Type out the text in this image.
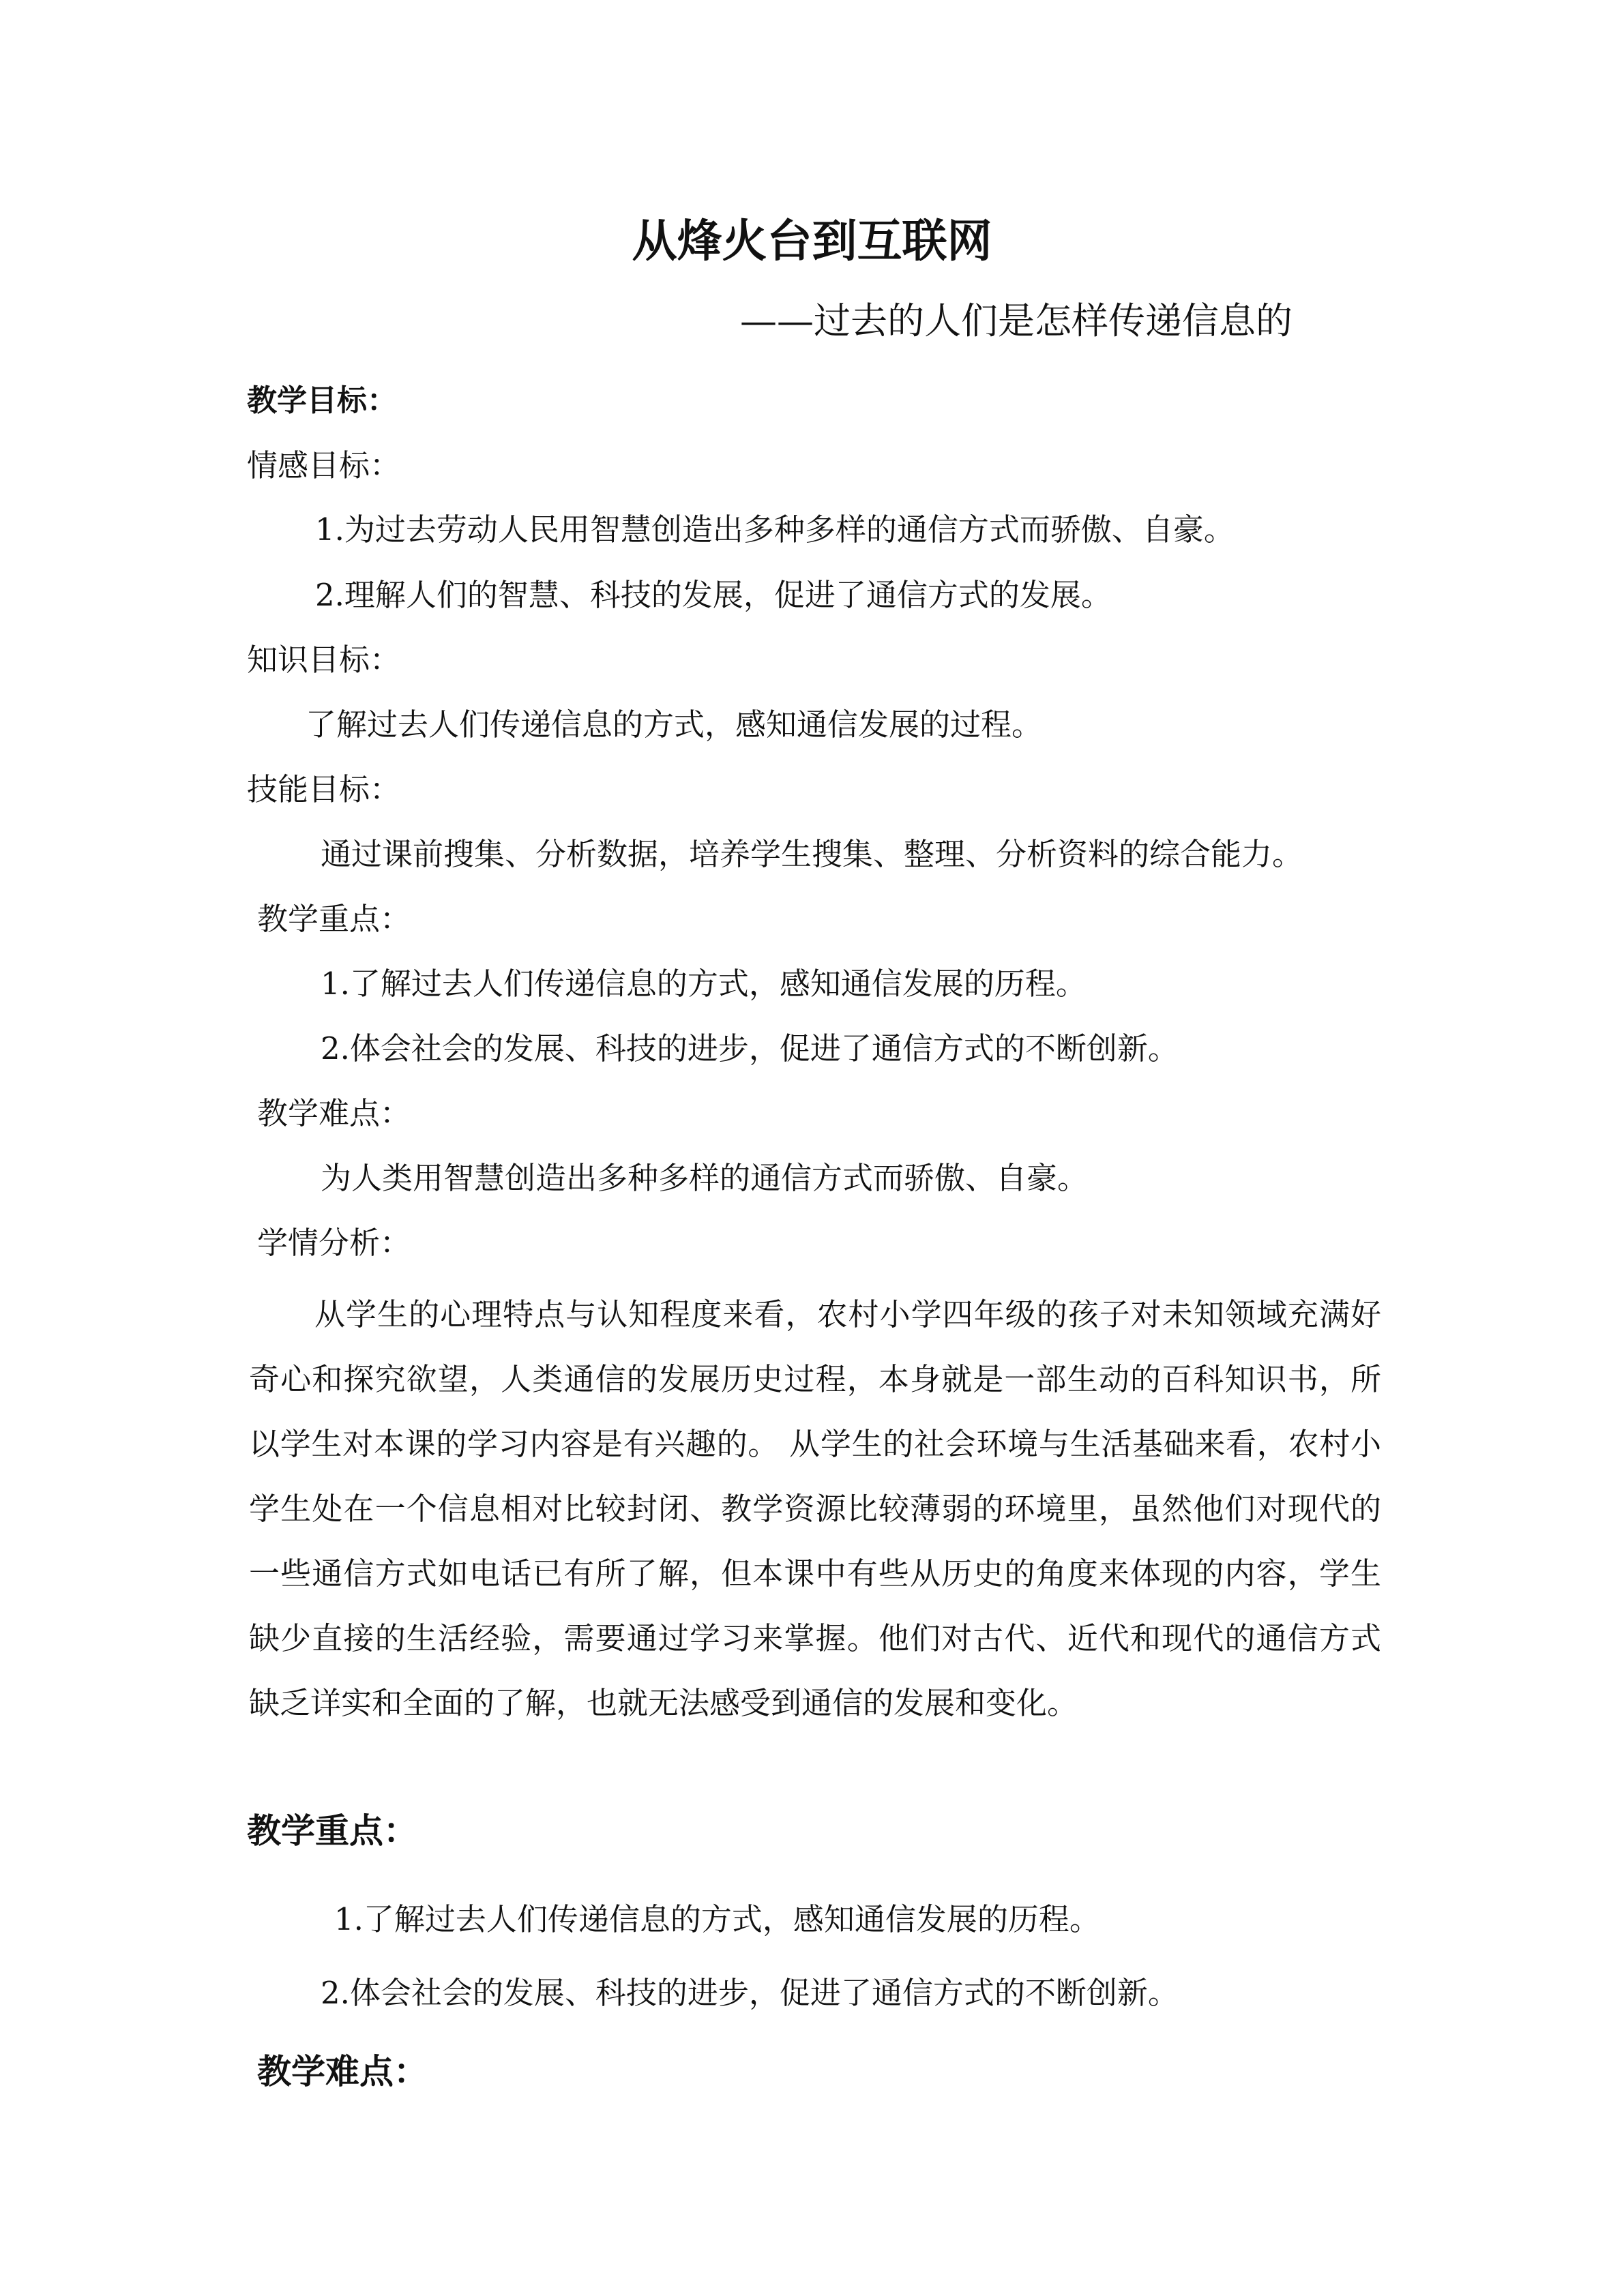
从烽火台到互联网

——过去的人们是怎样传递信息的

教学目标：

情感目标：

1.为过去劳动人民用智慧创造出多种多样的通信方式而骄傲、自豪。

2.理解人们的智慧、科技的发展，促进了通信方式的发展。

知识目标：

了解过去人们传递信息的方式，感知通信发展的过程。

技能目标：

通过课前搜集、分析数据，培养学生搜集、整理、分析资料的综合能力。

教学重点：

1.了解过去人们传递信息的方式，感知通信发展的历程。

2.体会社会的发展、科技的进步，促进了通信方式的不断创新。

教学难点：

为人类用智慧创造出多种多样的通信方式而骄傲、自豪。

学情分析：

从学生的心理特点与认知程度来看，农村小学四年级的孩子对未知领域充满好奇心和探究欲望，人类通信的发展历史过程，本身就是一部生动的百科知识书，所以学生对本课的学习内容是有兴趣的。 从学生的社会环境与生活基础来看，农村小学生处在一个信息相对比较封闭、教学资源比较薄弱的环境里，虽然他们对现代的一些通信方式如电话已有所了解，但本课中有些从历史的角度来体现的内容，学生缺少直接的生活经验，需要通过学习来掌握。他们对古代、近代和现代的通信方式缺乏详实和全面的了解，也就无法感受到通信的发展和变化。

教学重点：

1.了解过去人们传递信息的方式，感知通信发展的历程。

2.体会社会的发展、科技的进步，促进了通信方式的不断创新。

教学难点：
